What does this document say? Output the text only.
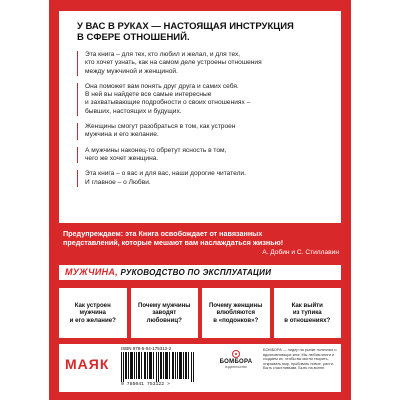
У ВАС В РУКАХ — НАСТОЯЩАЯ ИНСТРУКЦИЯ
В СФЕРЕ ОТНОШЕНИЙ.
Эта книга – для тех, кто любил и желал, и для тех,
кто хочет узнать, как на самом деле устроены отношения
между мужчиной и женщиной.
Она поможет вам понять друг друга и самих себя.
В ней вы найдете все самые интересные
и захватывающие подробности о своих отношениях –
бывших, настоящих и будущих.
Женщины смогут разобраться в том, как устроен
мужчина и его желание.
А мужчины наконец-то обретут ясность в том,
чего же хочет женщина.
Эта книга – о вас и для вас, наши дорогие читатели.
И главное – о Любви.
Предупреждаем: эта Книга освобождает от навязанных
представлений, которые мешают вам наслаждаться жизнью!
А. Добин и С. Стиллавин
МУЖЧИНА, РУКОВОДСТВО ПО ЭКСПЛУАТАЦИИ
Как устроен
мужчина
и его желание?
Почему мужчины
заводят
любовниц?
Почему женщины
влюбляются
в «подонков»?
Как выйти
из тупика
в отношениях?
МАЯК
ISBN 978-5-04-175312-2
9 785041 753122 >
БОМБОРА
издательство
БОМБОРА — лидер на рынке полезных и вдохновляющих книг. Мы любим книги и создаем их, чтобы вы могли творить, открывать мир, пробовать новое, расти. Быть счастливыми. Быть на волне.
